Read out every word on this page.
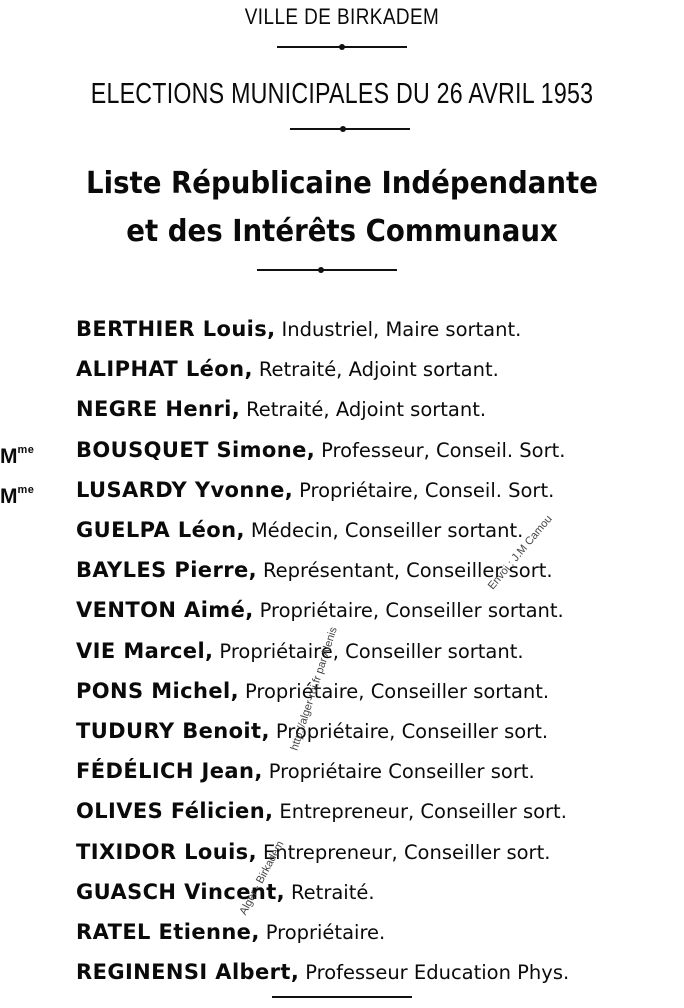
VILLE DE BIRKADEM
ELECTIONS MUNICIPALES DU 26 AVRIL 1953
Liste Républicaine Indépendante
et des Intérêts Communaux
BERTHIER Louis, Industriel, Maire sortant.
ALIPHAT Léon, Retraité, Adjoint sortant.
NEGRE Henri, Retraité, Adjoint sortant.
$M^{me}$ BOUSQUET Simone, Professeur, Conseil. Sort.
$M^{me}$ LUSARDY Yvonne, Propriétaire, Conseil. Sort.
GUELPA Léon, Médecin, Conseiller sortant.
BAYLES Pierre, Représentant, Conseiller sort.
VENTON Aimé, Propriétaire, Conseiller sortant.
VIE Marcel, Propriétaire, Conseiller sortant.
PONS Michel, Propriétaire, Conseiller sortant.
TUDURY Benoit, Propriétaire, Conseiller sort.
FÉDÉLICH Jean, Propriétaire Conseiller sort.
OLIVES Félicien, Entrepreneur, Conseiller sort.
TIXIDOR Louis, Entrepreneur, Conseiller sort.
GUASCH Vincent, Retraité.
RATEL Etienne, Propriétaire.
REGINENSI Albert, Professeur Education Phys.
http://alger-roi.fr par Alenis
Envoi : J.M Camou
Alger - Birkadem
